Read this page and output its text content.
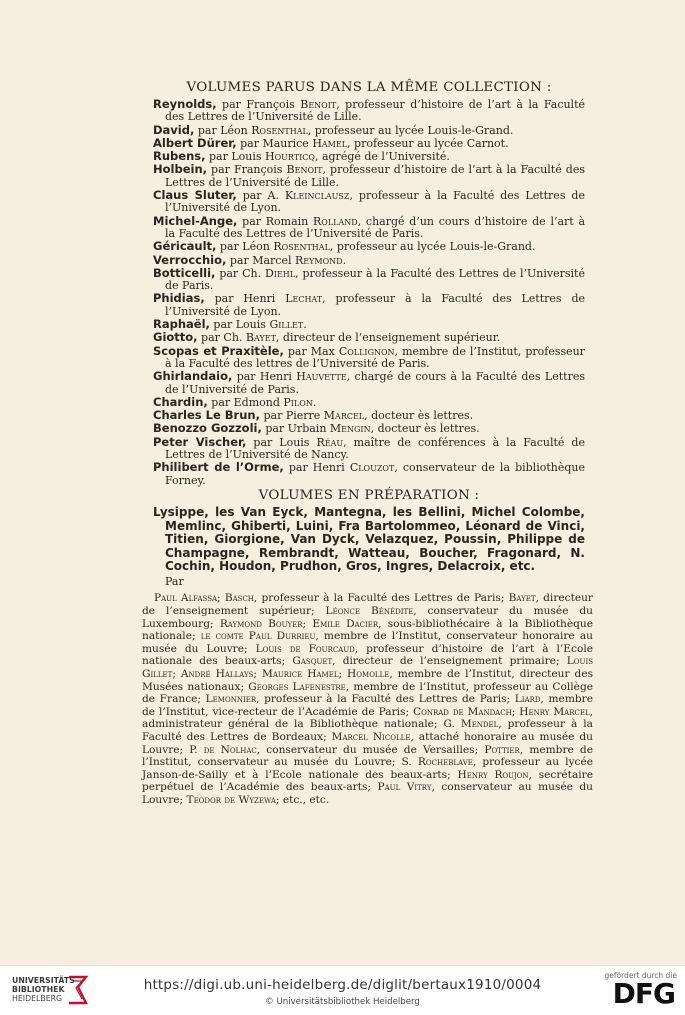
VOLUMES PARUS DANS LA MÊME COLLECTION :

Reynolds, par François Benoit, professeur d’histoire de l’art à la Faculté des Lettres de l’Université de Lille.

David, par Léon Rosenthal, professeur au lycée Louis-le-Grand.

Albert Dürer, par Maurice Hamel, professeur au lycée Carnot.

Rubens, par Louis Hourticq, agrégé de l’Université.

Holbein, par François Benoit, professeur d’histoire de l’art à la Faculté des Lettres de l’Université de Lille.

Claus Sluter, par A. Kleinclausz, professeur à la Faculté des Lettres de l’Université de Lyon.

Michel-Ange, par Romain Rolland, chargé d’un cours d’histoire de l’art à la Faculté des Lettres de l’Université de Paris.

Géricault, par Léon Rosenthal, professeur au lycée Louis-le-Grand.

Verrocchio, par Marcel Reymond.

Botticelli, par Ch. Diehl, professeur à la Faculté des Lettres de l’Université de Paris.

Phidias, par Henri Lechat, professeur à la Faculté des Lettres de l’Université de Lyon.

Raphaël, par Louis Gillet.

Giotto, par Ch. Bayet, directeur de l’enseignement supérieur.

Scopas et Praxitèle, par Max Collignon, membre de l’Institut, professeur à la Faculté des lettres de l’Université de Paris.

Ghirlandaio, par Henri Hauvette, chargé de cours à la Faculté des Lettres de l’Université de Paris.

Chardin, par Edmond Pilon.

Charles Le Brun, par Pierre Marcel, docteur ès lettres.

Benozzo Gozzoli, par Urbain Mengin, docteur ès lettres.

Peter Vischer, par Louis Réau, maître de conférences à la Faculté de Lettres de l’Université de Nancy.

Philibert de l’Orme, par Henri Clouzot, conservateur de la bibliothèque Forney.

VOLUMES EN PRÉPARATION :

Lysippe, les Van Eyck, Mantegna, les Bellini, Michel Colombe, Memlinc, Ghiberti, Luini, Fra Bartolommeo, Léonard de Vinci, Titien, Giorgione, Van Dyck, Velazquez, Poussin, Philippe de Champagne, Rembrandt, Watteau, Boucher, Fragonard, N. Cochin, Houdon, Prudhon, Gros, Ingres, Delacroix, etc.

Par

Paul Alfassa; Basch, professeur à la Faculté des Lettres de Paris; Bayet, directeur de l’enseignement supérieur; Léonce Bénédite, conservateur du musée du Luxembourg; Raymond Bouyer; Emile Dacier, sous-bibliothécaire à la Bibliothèque nationale; le comte Paul Durrieu, membre de l’Institut, conservateur honoraire au musée du Louvre; Louis de Fourcaud, professeur d’histoire de l’art à l’Ecole nationale des beaux-arts; Gasquet, directeur de l’enseignement primaire; Louis Gillet; André Hallays; Maurice Hamel; Homolle, membre de l’Institut, directeur des Musées nationaux; Georges Lafenestre, membre de l’Institut, professeur au Collège de France; Lemonnier, professeur à la Faculté des Lettres de Paris; Liard, membre de l’Institut, vice-recteur de l’Académie de Paris; Conrad de Mandach; Henry Marcel, administrateur général de la Bibliothèque nationale; G. Mendel, professeur à la Faculté des Lettres de Bordeaux; Marcel Nicolle, attaché honoraire au musée du Louvre; P. de Nolhac, conservateur du musée de Versailles; Pottier, membre de l’Institut, conservateur au musée du Louvre; S. Rocheblave, professeur au lycée Janson-de-Sailly et à l’Ecole nationale des beaux-arts; Henry Roujon, secrétaire perpétuel de l’Académie des beaux-arts; Paul Vitry, conservateur au musée du Louvre; Teodor de Wyzewa; etc., etc.

UNIVERSITÄTS-
BIBLIOTHEK
HEIDELBERG
https://digi.ub.uni-heidelberg.de/diglit/bertaux1910/0004
© Universitätsbibliothek Heidelberg
gefördert durch die
DFG
